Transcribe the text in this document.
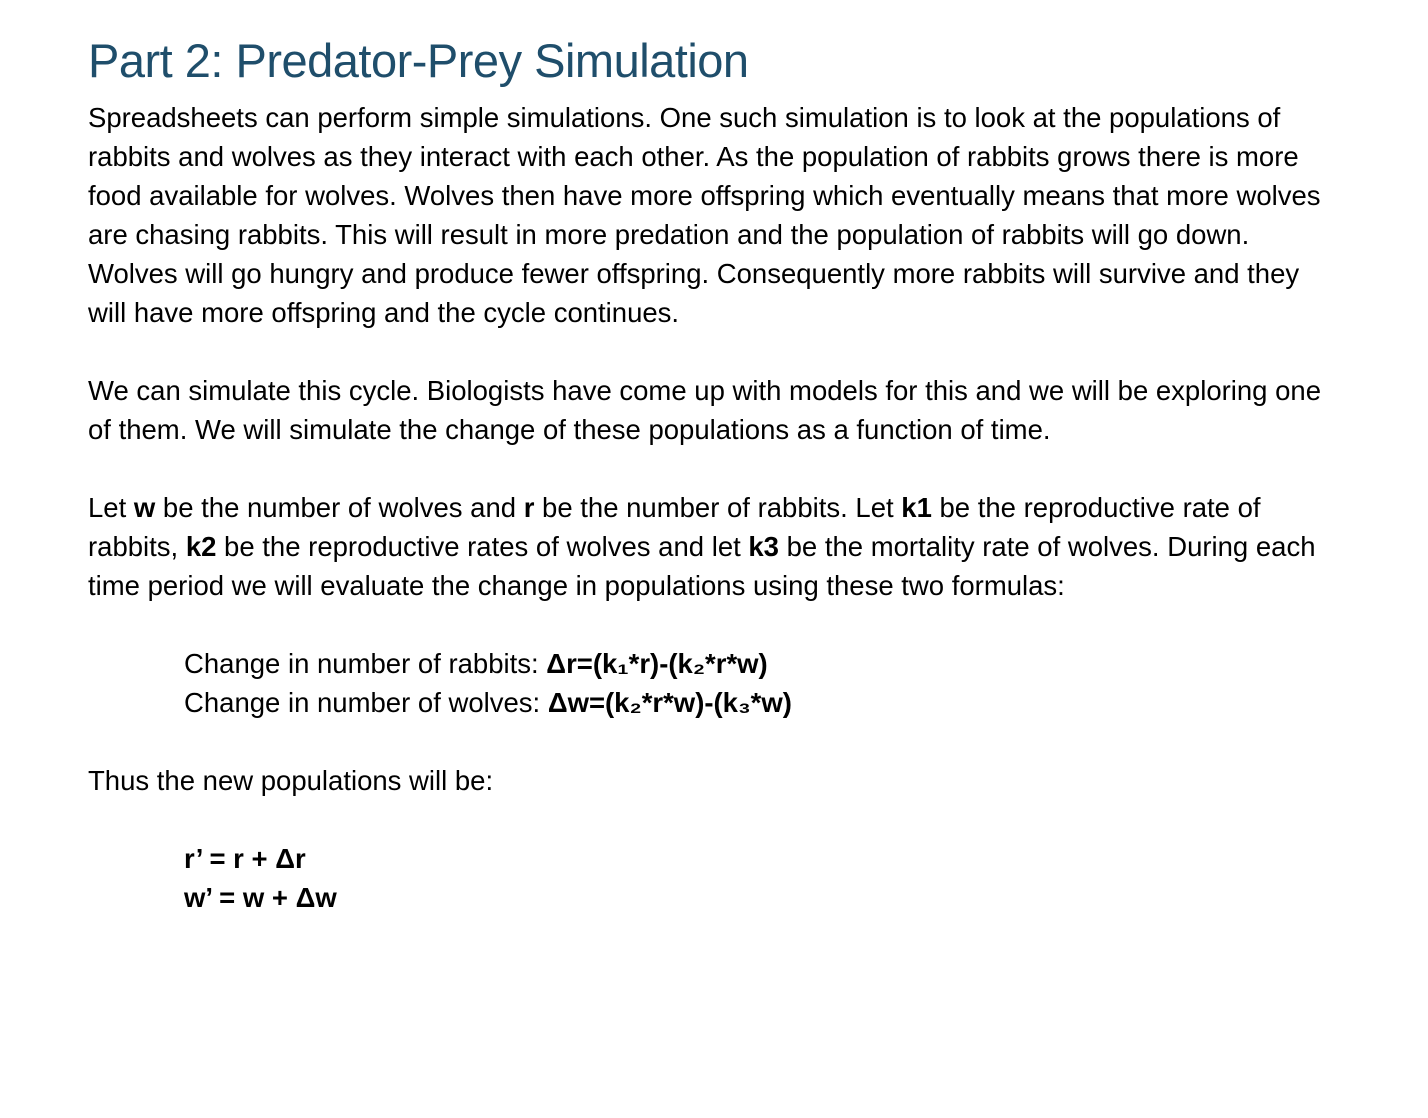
Part 2: Predator-Prey Simulation

Spreadsheets can perform simple simulations. One such simulation is to look at the populations of rabbits and wolves as they interact with each other. As the population of rabbits grows there is more food available for wolves. Wolves then have more offspring which eventually means that more wolves are chasing rabbits. This will result in more predation and the population of rabbits will go down. Wolves will go hungry and produce fewer offspring. Consequently more rabbits will survive and they will have more offspring and the cycle continues.

We can simulate this cycle. Biologists have come up with models for this and we will be exploring one of them. We will simulate the change of these populations as a function of time.

Let w be the number of wolves and r be the number of rabbits. Let k1 be the reproductive rate of rabbits, k2 be the reproductive rates of wolves and let k3 be the mortality rate of wolves. During each time period we will evaluate the change in populations using these two formulas:

Change in number of rabbits: Δr=(k₁*r)-(k₂*r*w)
Change in number of wolves: Δw=(k₂*r*w)-(k₃*w)

Thus the new populations will be:

r’ = r + Δr
w’ = w + Δw
